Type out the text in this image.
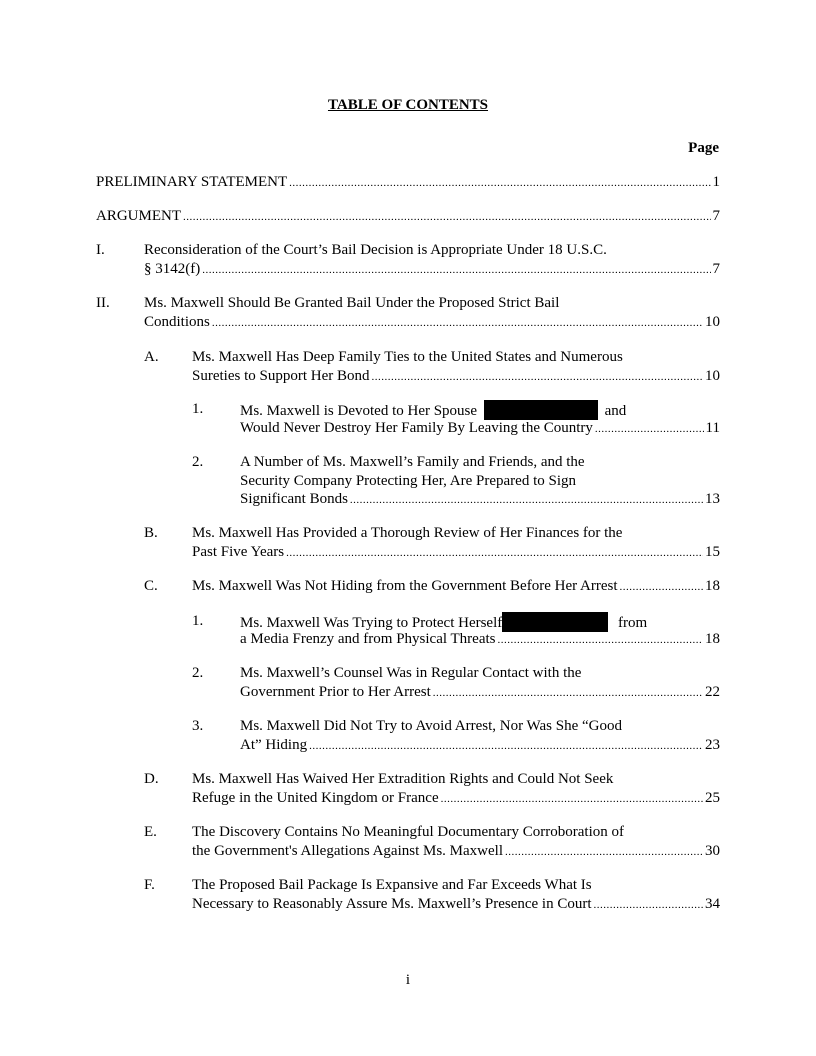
TABLE OF CONTENTS
Page
PRELIMINARY STATEMENT .....	1
ARGUMENT .....	7
I.	Reconsideration of the Court’s Bail Decision is Appropriate Under 18 U.S.C.
§ 3142(f) .....	7
II. Ms. Maxwell Should Be Granted Bail Under the Proposed Strict Bail
Conditions .....	10
A. Ms. Maxwell Has Deep Family Ties to the United States and Numerous
Sureties to Support Her Bond .....	10
1. Ms. Maxwell is Devoted to Her Spouse	and
Would Never Destroy Her Family By Leaving the Country .....	11
2. A Number of Ms. Maxwell’s Family and Friends, and the
Security Company Protecting Her, Are Prepared to Sign
Significant Bonds .....	13
B. Ms. Maxwell Has Provided a Thorough Review of Her Finances for the
Past Five Years .....	15
C. Ms. Maxwell Was Not Hiding from the Government Before Her Arrest .....	18
1. Ms. Maxwell Was Trying to Protect Herself	from
a Media Frenzy and from Physical Threats .....	18
2. Ms. Maxwell’s Counsel Was in Regular Contact with the
Government Prior to Her Arrest .....	22
3. Ms. Maxwell Did Not Try to Avoid Arrest, Nor Was She “Good
At” Hiding .....	23
D. Ms. Maxwell Has Waived Her Extradition Rights and Could Not Seek
Refuge in the United Kingdom or France .....	25
E. The Discovery Contains No Meaningful Documentary Corroboration of
the Government's Allegations Against Ms. Maxwell .....	30
F. The Proposed Bail Package Is Expansive and Far Exceeds What Is
Necessary to Reasonably Assure Ms. Maxwell’s Presence in Court .....	34
i
